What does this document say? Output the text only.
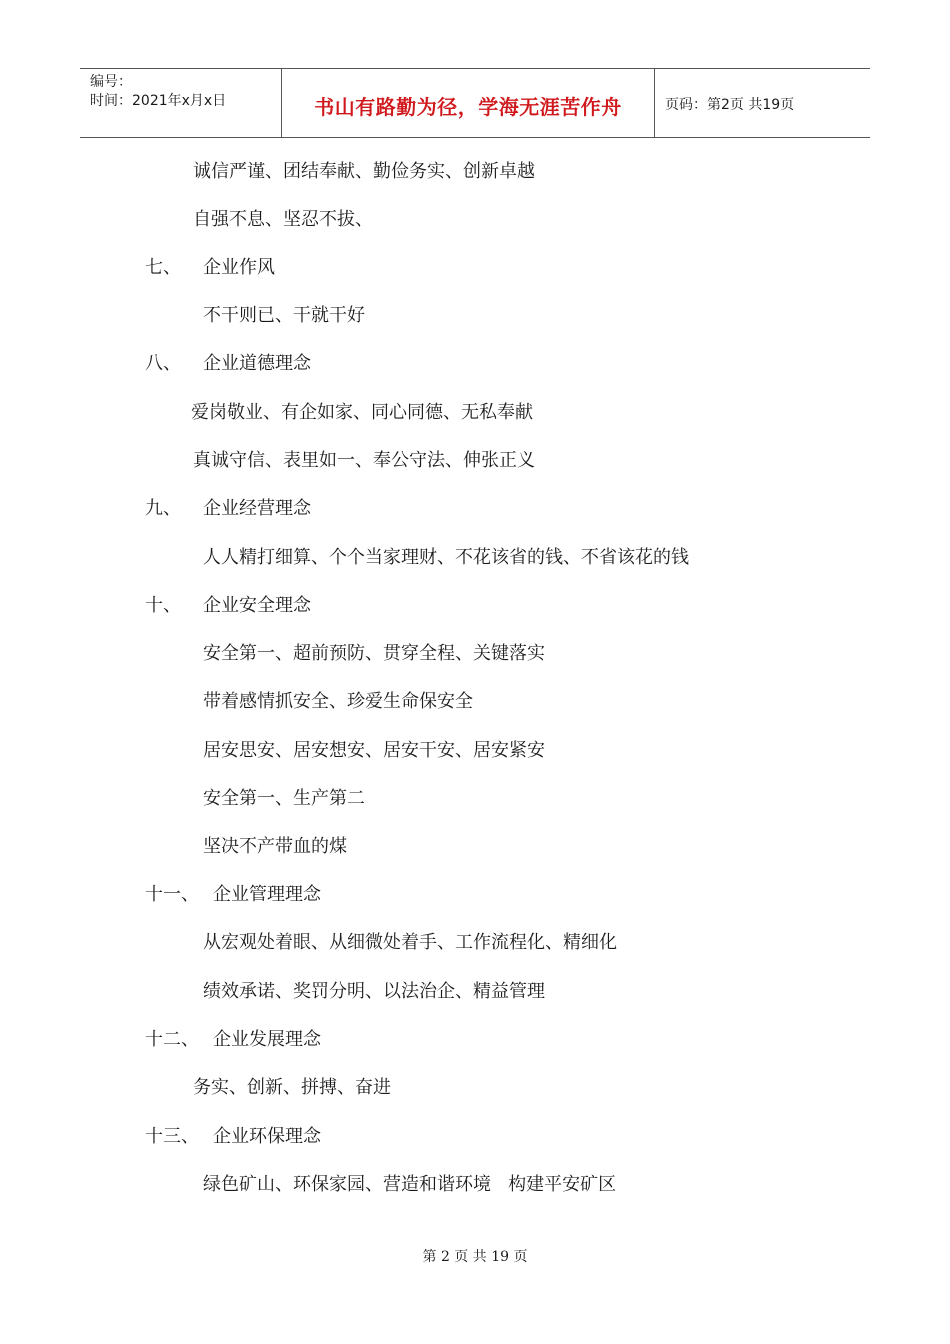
编号：
时间：2021年x月x日	书山有路勤为径，学海无涯苦作舟	页码：第2页 共19页
诚信严谨、团结奉献、勤俭务实、创新卓越
自强不息、坚忍不拔、
七、 企业作风
不干则已、干就干好
八、 企业道德理念
爱岗敬业、有企如家、同心同德、无私奉献
真诚守信、表里如一、奉公守法、伸张正义
九、 企业经营理念
人人精打细算、个个当家理财、不花该省的钱、不省该花的钱
十、 企业安全理念
安全第一、超前预防、贯穿全程、关键落实
带着感情抓安全、珍爱生命保安全
居安思安、居安想安、居安干安、居安紧安
安全第一、生产第二
坚决不产带血的煤
十一、 企业管理理念
从宏观处着眼、从细微处着手、工作流程化、精细化
绩效承诺、奖罚分明、以法治企、精益管理
十二、 企业发展理念
务实、创新、拼搏、奋进
十三、 企业环保理念
绿色矿山、环保家园、营造和谐环境   构建平安矿区
第 2 页 共 19 页
